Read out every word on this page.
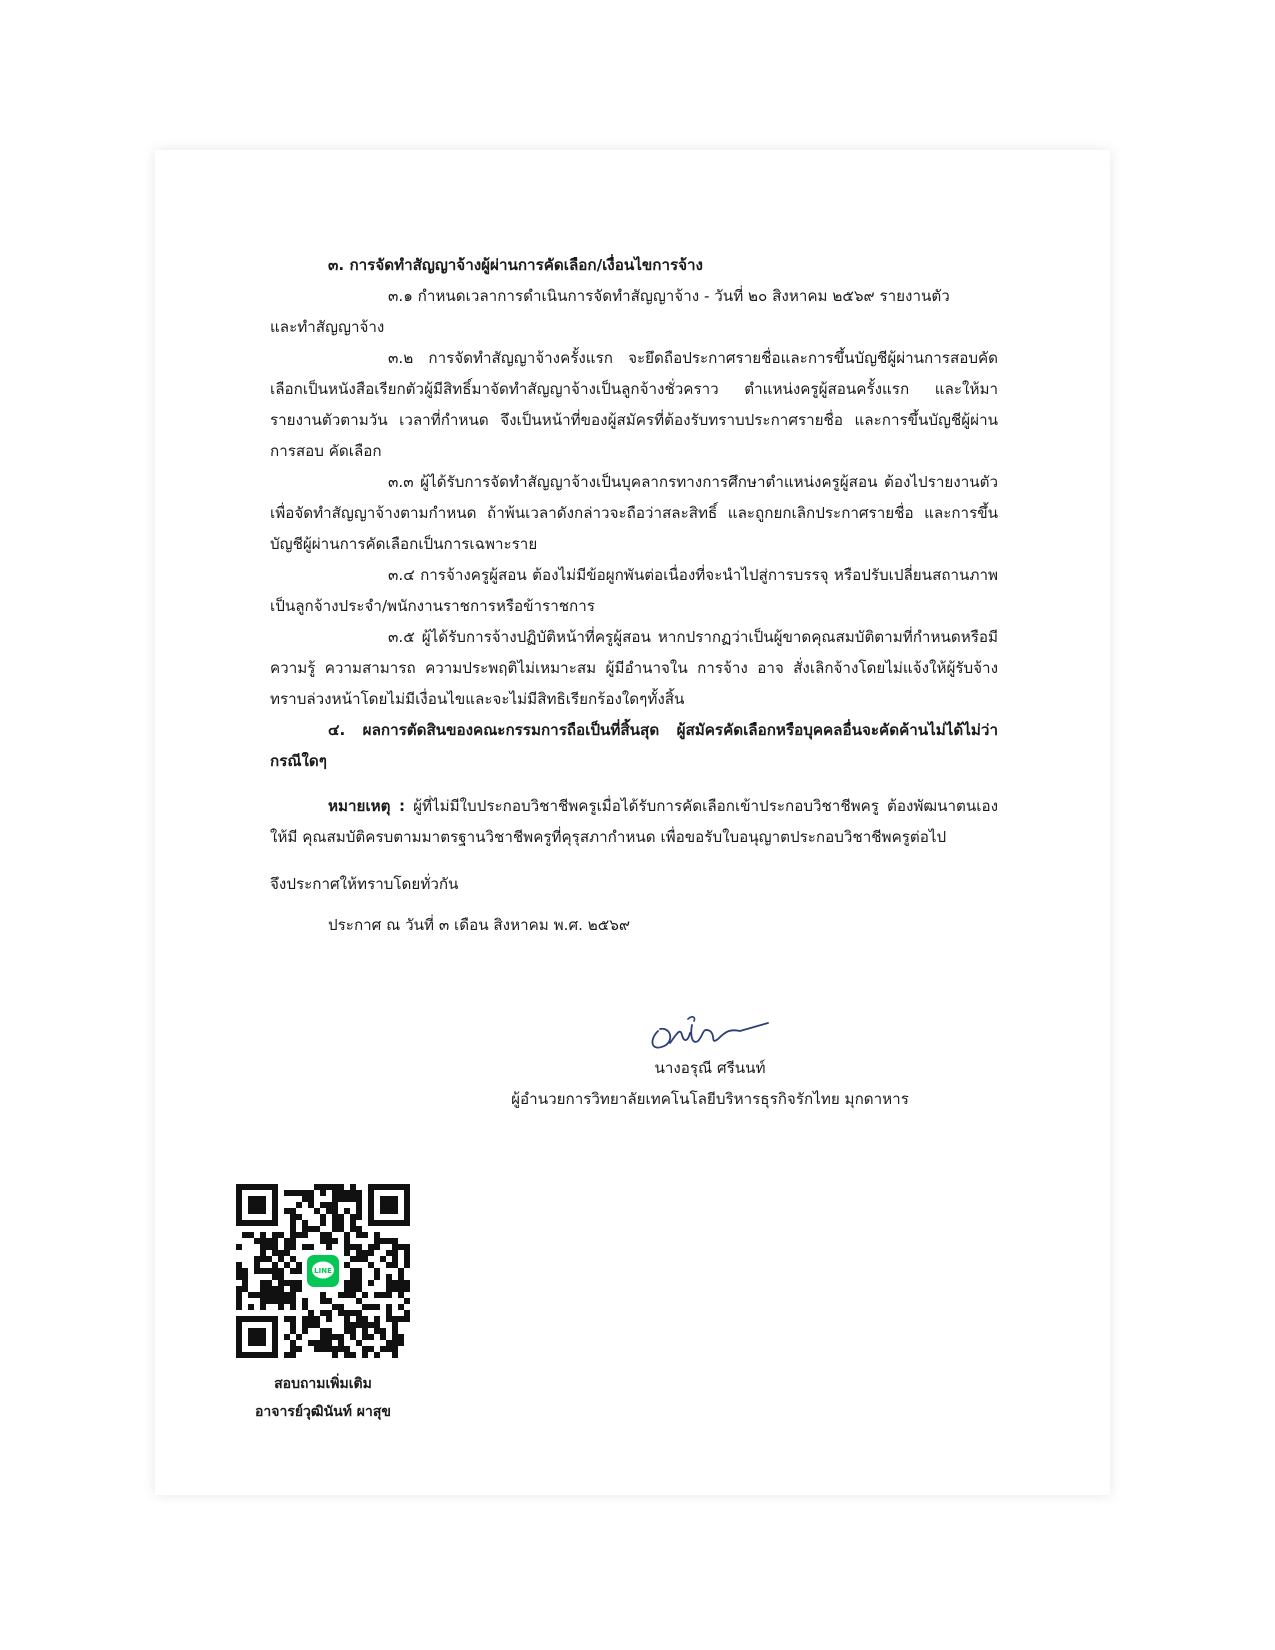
๓. การจัดทำสัญญาจ้างผู้ผ่านการคัดเลือก/เงื่อนไขการจ้าง

๓.๑ กำหนดเวลาการดำเนินการจัดทำสัญญาจ้าง - วันที่ ๒๐ สิงหาคม ๒๕๖๙ รายงานตัว

และทำสัญญาจ้าง

๓.๒ การจัดทำสัญญาจ้างครั้งแรก จะยึดถือประกาศรายชื่อและการขึ้นบัญชีผู้ผ่านการสอบคัดเลือกเป็นหนังสือเรียกตัวผู้มีสิทธิ์มาจัดทำสัญญาจ้างเป็นลูกจ้างชั่วคราว ตำแหน่งครูผู้สอนครั้งแรก และให้มารายงานตัวตามวัน เวลาที่กำหนด จึงเป็นหน้าที่ของผู้สมัครที่ต้องรับทราบประกาศรายชื่อ และการขึ้นบัญชีผู้ผ่านการสอบ คัดเลือก

๓.๓ ผู้ได้รับการจัดทำสัญญาจ้างเป็นบุคลากรทางการศึกษาตำแหน่งครูผู้สอน ต้องไปรายงานตัวเพื่อจัดทำสัญญาจ้างตามกำหนด ถ้าพ้นเวลาดังกล่าวจะถือว่าสละสิทธิ์ และถูกยกเลิกประกาศรายชื่อ และการขึ้นบัญชีผู้ผ่านการคัดเลือกเป็นการเฉพาะราย

๓.๔ การจ้างครูผู้สอน ต้องไม่มีข้อผูกพันต่อเนื่องที่จะนำไปสู่การบรรจุ หรือปรับเปลี่ยนสถานภาพเป็นลูกจ้างประจำ/พนักงานราชการหรือข้าราชการ

๓.๕ ผู้ได้รับการจ้างปฏิบัติหน้าที่ครูผู้สอน หากปรากฏว่าเป็นผู้ขาดคุณสมบัติตามที่กำหนดหรือมีความรู้ ความสามารถ ความประพฤติไม่เหมาะสม ผู้มีอำนาจใน การจ้าง อาจ สั่งเลิกจ้างโดยไม่แจ้งให้ผู้รับจ้างทราบล่วงหน้าโดยไม่มีเงื่อนไขและจะไม่มีสิทธิเรียกร้องใดๆทั้งสิ้น

๔. ผลการตัดสินของคณะกรรมการถือเป็นที่สิ้นสุด ผู้สมัครคัดเลือกหรือบุคคลอื่นจะคัดค้านไม่ได้ไม่ว่ากรณีใดๆ

หมายเหตุ : ผู้ที่ไม่มีใบประกอบวิชาชีพครูเมื่อได้รับการคัดเลือกเข้าประกอบวิชาชีพครู ต้องพัฒนาตนเองให้มี คุณสมบัติครบตามมาตรฐานวิชาชีพครูที่คุรุสภากำหนด เพื่อขอรับใบอนุญาตประกอบวิชาชีพครูต่อไป

จึงประกาศให้ทราบโดยทั่วกัน

ประกาศ ณ วันที่ ๓ เดือน สิงหาคม พ.ศ. ๒๕๖๙

นางอรุณี ศรีนนท์
ผู้อำนวยการวิทยาลัยเทคโนโลยีบริหารธุรกิจรักไทย มุกดาหาร
LINE
สอบถามเพิ่มเติม
อาจารย์วุฒินันท์ ผาสุข
